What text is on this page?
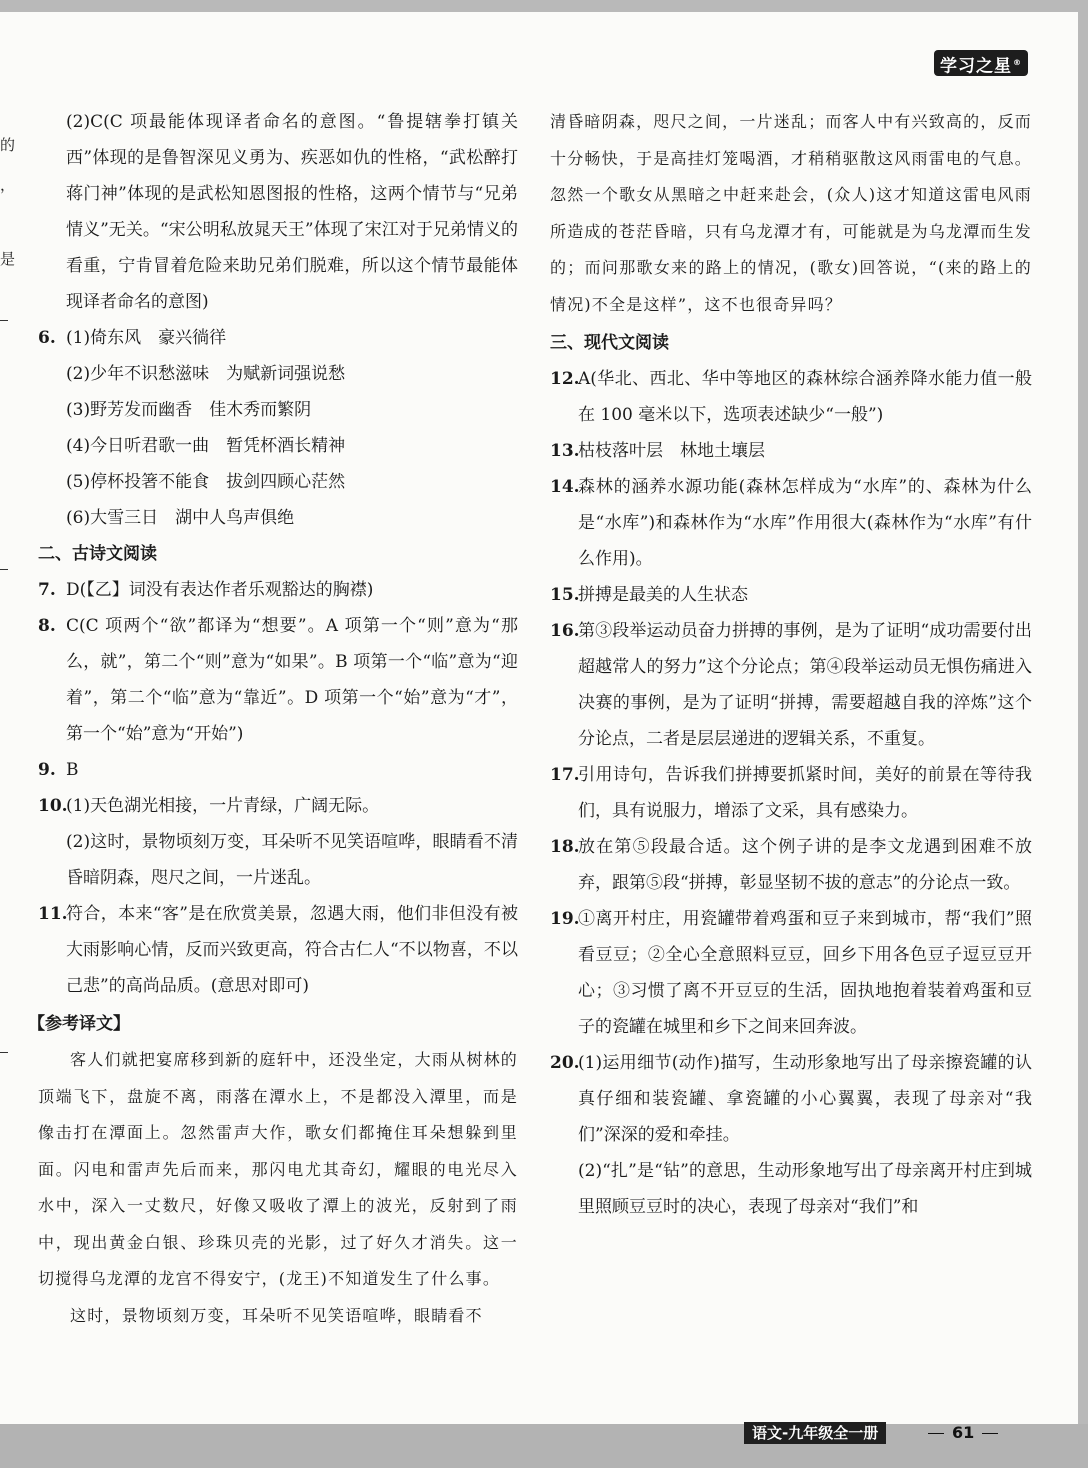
的
，
是
学习之星®

(2)C(C 项最能体现译者命名的意图。“鲁提辖拳打镇关西”体现的是鲁智深见义勇为、疾恶如仇的性格，“武松醉打蒋门神”体现的是武松知恩图报的性格，这两个情节与“兄弟情义”无关。“宋公明私放晁天王”体现了宋江对于兄弟情义的看重，宁肯冒着危险来助兄弟们脱难，所以这个情节最能体现译者命名的意图)

6. (1)倚东风　豪兴徜徉

(2)少年不识愁滋味　为赋新词强说愁

(3)野芳发而幽香　佳木秀而繁阴

(4)今日听君歌一曲　暂凭杯酒长精神

(5)停杯投箸不能食　拔剑四顾心茫然

(6)大雪三日　湖中人鸟声俱绝

二、古诗文阅读

7. D(【乙】词没有表达作者乐观豁达的胸襟)

8. C(C 项两个“欲”都译为“想要”。A 项第一个“则”意为“那么，就”，第二个“则”意为“如果”。B 项第一个“临”意为“迎着”，第二个“临”意为“靠近”。D 项第一个“始”意为“才”，第一个“始”意为“开始”)

9. B

10.
(1)天色湖光相接，一片青绿，广阔无际。

(2)这时，景物顷刻万变，耳朵听不见笑语喧哗，眼睛看不清昏暗阴森，咫尺之间，一片迷乱。

11.
符合，本来“客”是在欣赏美景，忽遇大雨，他们非但没有被大雨影响心情，反而兴致更高，符合古仁人“不以物喜，不以己悲”的高尚品质。(意思对即可)

【参考译文】

客人们就把宴席移到新的庭轩中，还没坐定，大雨从树林的顶端飞下，盘旋不离，雨落在潭水上，不是都没入潭里，而是像击打在潭面上。忽然雷声大作，歌女们都掩住耳朵想躲到里面。闪电和雷声先后而来，那闪电尤其奇幻，耀眼的电光尽入水中，深入一丈数尺，好像又吸收了潭上的波光，反射到了雨中，现出黄金白银、珍珠贝壳的光影，过了好久才消失。这一切搅得乌龙潭的龙宫不得安宁，(龙王)不知道发生了什么事。

这时，景物顷刻万变，耳朵听不见笑语喧哗，眼睛看不

清昏暗阴森，咫尺之间，一片迷乱；而客人中有兴致高的，反而十分畅快，于是高挂灯笼喝酒，才稍稍驱散这风雨雷电的气息。忽然一个歌女从黑暗之中赶来赴会，(众人)这才知道这雷电风雨所造成的苍茫昏暗，只有乌龙潭才有，可能就是为乌龙潭而生发的；而问那歌女来的路上的情况，(歌女)回答说，“(来的路上的情况)不全是这样”，这不也很奇异吗？

三、现代文阅读

12.
A(华北、西北、华中等地区的森林综合涵养降水能力值一般在 100 毫米以下，选项表述缺少“一般”)

13.
枯枝落叶层　林地土壤层

14.
森林的涵养水源功能(森林怎样成为“水库”的、森林为什么是“水库”)和森林作为“水库”作用很大(森林作为“水库”有什么作用)。

15.
拼搏是最美的人生状态

16.
第③段举运动员奋力拼搏的事例，是为了证明“成功需要付出超越常人的努力”这个分论点；第④段举运动员无惧伤痛进入决赛的事例，是为了证明“拼搏，需要超越自我的淬炼”这个分论点，二者是层层递进的逻辑关系，不重复。

17.
引用诗句，告诉我们拼搏要抓紧时间，美好的前景在等待我们，具有说服力，增添了文采，具有感染力。

18.
放在第⑤段最合适。这个例子讲的是李文龙遇到困难不放弃，跟第⑤段“拼搏，彰显坚韧不拔的意志”的分论点一致。

19.
①离开村庄，用瓷罐带着鸡蛋和豆子来到城市，帮“我们”照看豆豆；②全心全意照料豆豆，回乡下用各色豆子逗豆豆开心；③习惯了离不开豆豆的生活，固执地抱着装着鸡蛋和豆子的瓷罐在城里和乡下之间来回奔波。

20.
(1)运用细节(动作)描写，生动形象地写出了母亲擦瓷罐的认真仔细和装瓷罐、拿瓷罐的小心翼翼，表现了母亲对“我们”深深的爱和牵挂。

(2)“扎”是“钻”的意思，生动形象地写出了母亲离开村庄到城里照顾豆豆时的决心，表现了母亲对“我们”和

语文-九年级全一册	61
